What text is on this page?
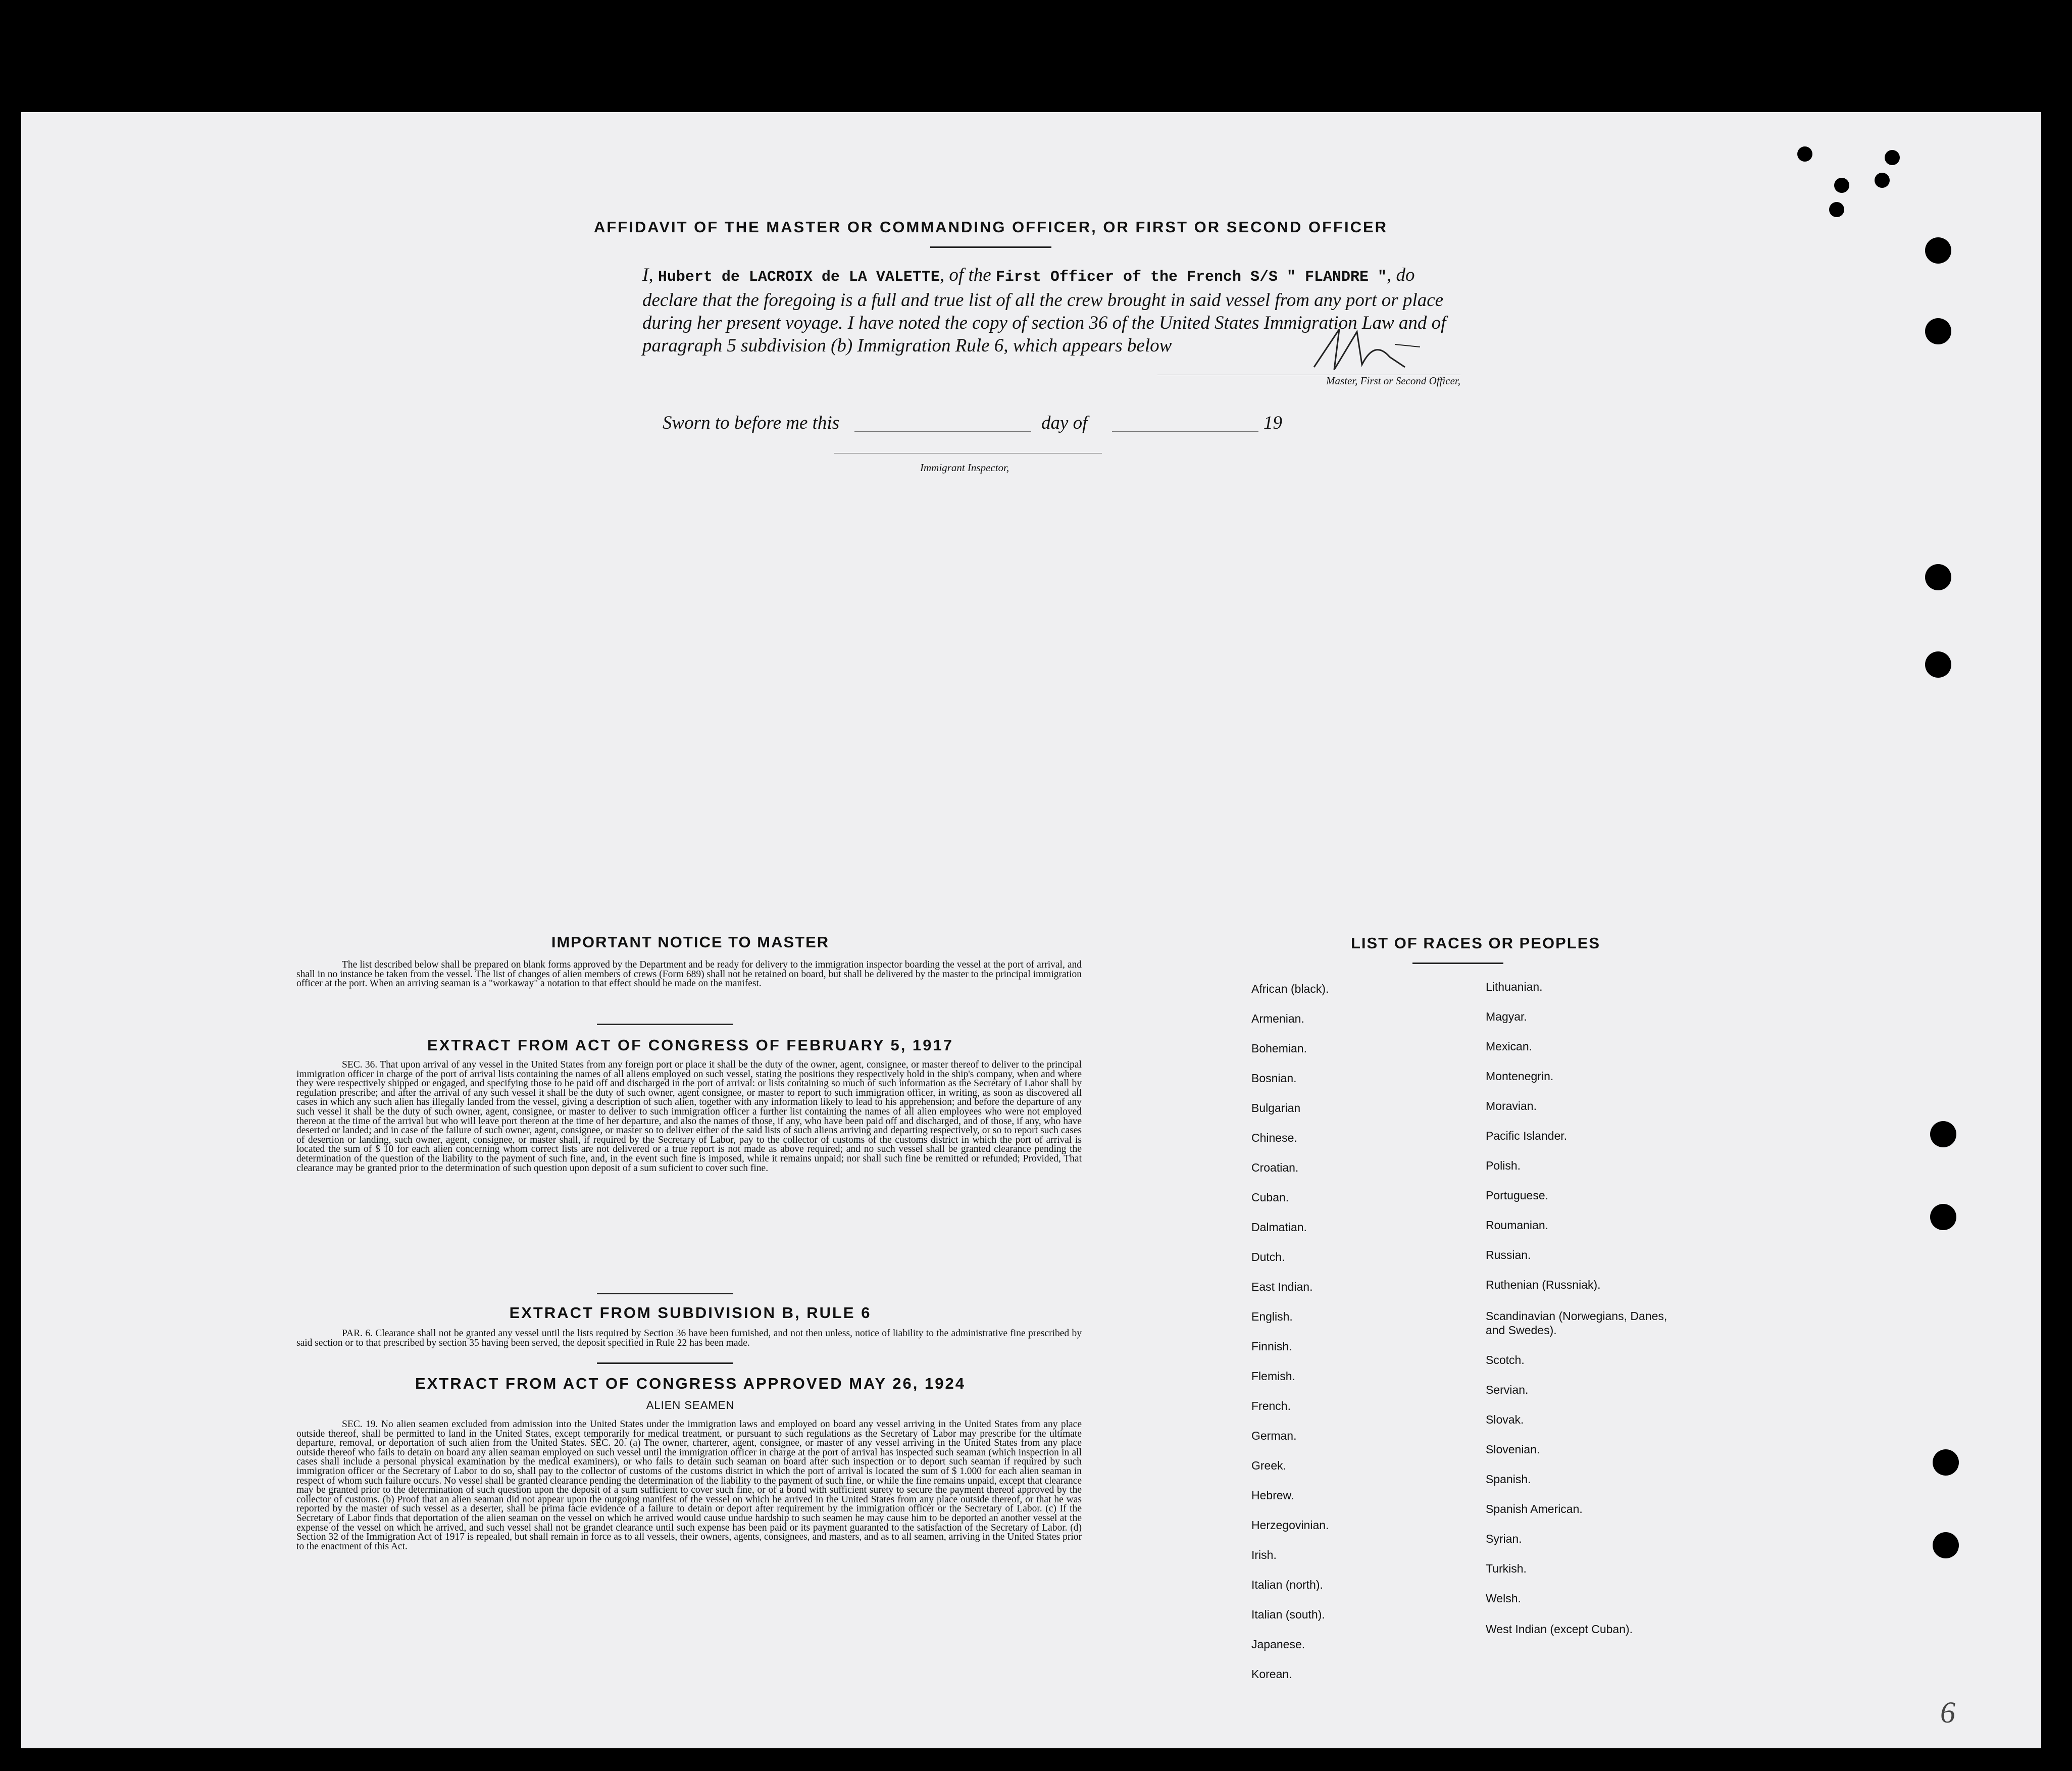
AFFIDAVIT OF THE MASTER OR COMMANDING OFFICER, OR FIRST OR SECOND OFFICER
I, Hubert de LACROIX de LA VALETTE, of the First Officer of the French S/S " FLANDRE ", do declare that the foregoing is a full and true list of all the crew brought in said vessel from any port or place during her present voyage. I have noted the copy of section 36 of the United States Immigration Law and of paragraph 5 subdivision (b) Immigration Rule 6, which appears below
Master, First or Second Officer,
Sworn to before me this	day of	19
Immigrant Inspector,
IMPORTANT NOTICE TO MASTER
The list described below shall be prepared on blank forms approved by the Department and be ready for delivery to the immigration inspector boarding the vessel at the port of arrival, and shall in no instance be taken from the vessel. The list of changes of alien members of crews (Form 689) shall not be retained on board, but shall be delivered by the master to the principal immigration officer at the port. When an arriving seaman is a "workaway" a notation to that effect should be made on the manifest.
EXTRACT FROM ACT OF CONGRESS OF FEBRUARY 5, 1917
SEC. 36. That upon arrival of any vessel in the United States from any foreign port or place it shall be the duty of the owner, agent, consignee, or master thereof to deliver to the principal immigration officer in charge of the port of arrival lists containing the names of all aliens employed on such vessel, stating the positions they respectively hold in the ship's company, when and where they were respectively shipped or engaged, and specifying those to be paid off and discharged in the port of arrival: or lists containing so much of such information as the Secretary of Labor shall by regulation prescribe; and after the arrival of any such vessel it shall be the duty of such owner, agent consignee, or master to report to such immigration officer, in writing, as soon as discovered all cases in which any such alien has illegally landed from the vessel, giving a description of such alien, together with any information likely to lead to his apprehension; and before the departure of any such vessel it shall be the duty of such owner, agent, consignee, or master to deliver to such immigration officer a further list containing the names of all alien employees who were not employed thereon at the time of the arrival but who will leave port thereon at the time of her departure, and also the names of those, if any, who have been paid off and discharged, and of those, if any, who have deserted or landed; and in case of the failure of such owner, agent, consignee, or master so to deliver either of the said lists of such aliens arriving and departing respectively, or so to report such cases of desertion or landing, such owner, agent, consignee, or master shall, if required by the Secretary of Labor, pay to the collector of customs of the customs district in which the port of arrival is located the sum of $ 10 for each alien concerning whom correct lists are not delivered or a true report is not made as above required; and no such vessel shall be granted clearance pending the determination of the question of the liability to the payment of such fine, and, in the event such fine is imposed, while it remains unpaid; nor shall such fine be remitted or refunded; Provided, That clearance may be granted prior to the determination of such question upon deposit of a sum suficient to cover such fine.
EXTRACT FROM SUBDIVISION B, RULE 6
PAR. 6. Clearance shall not be granted any vessel until the lists required by Section 36 have been furnished, and not then unless, notice of liability to the administrative fine prescribed by said section or to that prescribed by section 35 having been served, the deposit specified in Rule 22 has been made.
EXTRACT FROM ACT OF CONGRESS APPROVED MAY 26, 1924
ALIEN SEAMEN
SEC. 19. No alien seamen excluded from admission into the United States under the immigration laws and employed on board any vessel arriving in the United States from any place outside thereof, shall be permitted to land in the United States, except temporarily for medical treatment, or pursuant to such regulations as the Secretary of Labor may prescribe for the ultimate departure, removal, or deportation of such alien from the United States. SEC. 20. (a) The owner, charterer, agent, consignee, or master of any vessel arriving in the United States from any place outside thereof who fails to detain on board any alien seaman employed on such vessel until the immigration officer in charge at the port of arrival has inspected such seaman (which inspection in all cases shall include a personal physical examination by the medical examiners), or who fails to detain such seaman on board after such inspection or to deport such seaman if required by such immigration officer or the Secretary of Labor to do so, shall pay to the collector of customs of the customs district in which the port of arrival is located the sum of $ 1.000 for each alien seaman in respect of whom such failure occurs. No vessel shall be granted clearance pending the determination of the liability to the payment of such fine, or while the fine remains unpaid, except that clearance may be granted prior to the determination of such question upon the deposit of a sum sufficient to cover such fine, or of a bond with sufficient surety to secure the payment thereof approved by the collector of customs. (b) Proof that an alien seaman did not appear upon the outgoing manifest of the vessel on which he arrived in the United States from any place outside thereof, or that he was reported by the master of such vessel as a deserter, shall be prima facie evidence of a failure to detain or deport after requirement by the immigration officer or the Secretary of Labor. (c) If the Secretary of Labor finds that deportation of the alien seaman on the vessel on which he arrived would cause undue hardship to such seamen he may cause him to be deported an another vessel at the expense of the vessel on which he arrived, and such vessel shall not be grandet clearance until such expense has been paid or its payment guaranted to the satisfaction of the Secretary of Labor. (d) Section 32 of the Immigration Act of 1917 is repealed, but shall remain in force as to all vessels, their owners, agents, consignees, and masters, and as to all seamen, arriving in the United States prior to the enactment of this Act.
LIST OF RACES OR PEOPLES
African (black).
Armenian.
Bohemian.
Bosnian.
Bulgarian
Chinese.
Croatian.
Cuban.
Dalmatian.
Dutch.
East Indian.
English.
Finnish.
Flemish.
French.
German.
Greek.
Hebrew.
Herzegovinian.
Irish.
Italian (north).
Italian (south).
Japanese.
Korean.
Lithuanian.
Magyar.
Mexican.
Montenegrin.
Moravian.
Pacific Islander.
Polish.
Portuguese.
Roumanian.
Russian.
Ruthenian (Russniak).
Scandinavian (Norwegians, Danes, and Swedes).
Scotch.
Servian.
Slovak.
Slovenian.
Spanish.
Spanish American.
Syrian.
Turkish.
Welsh.
West Indian (except Cuban).
6
